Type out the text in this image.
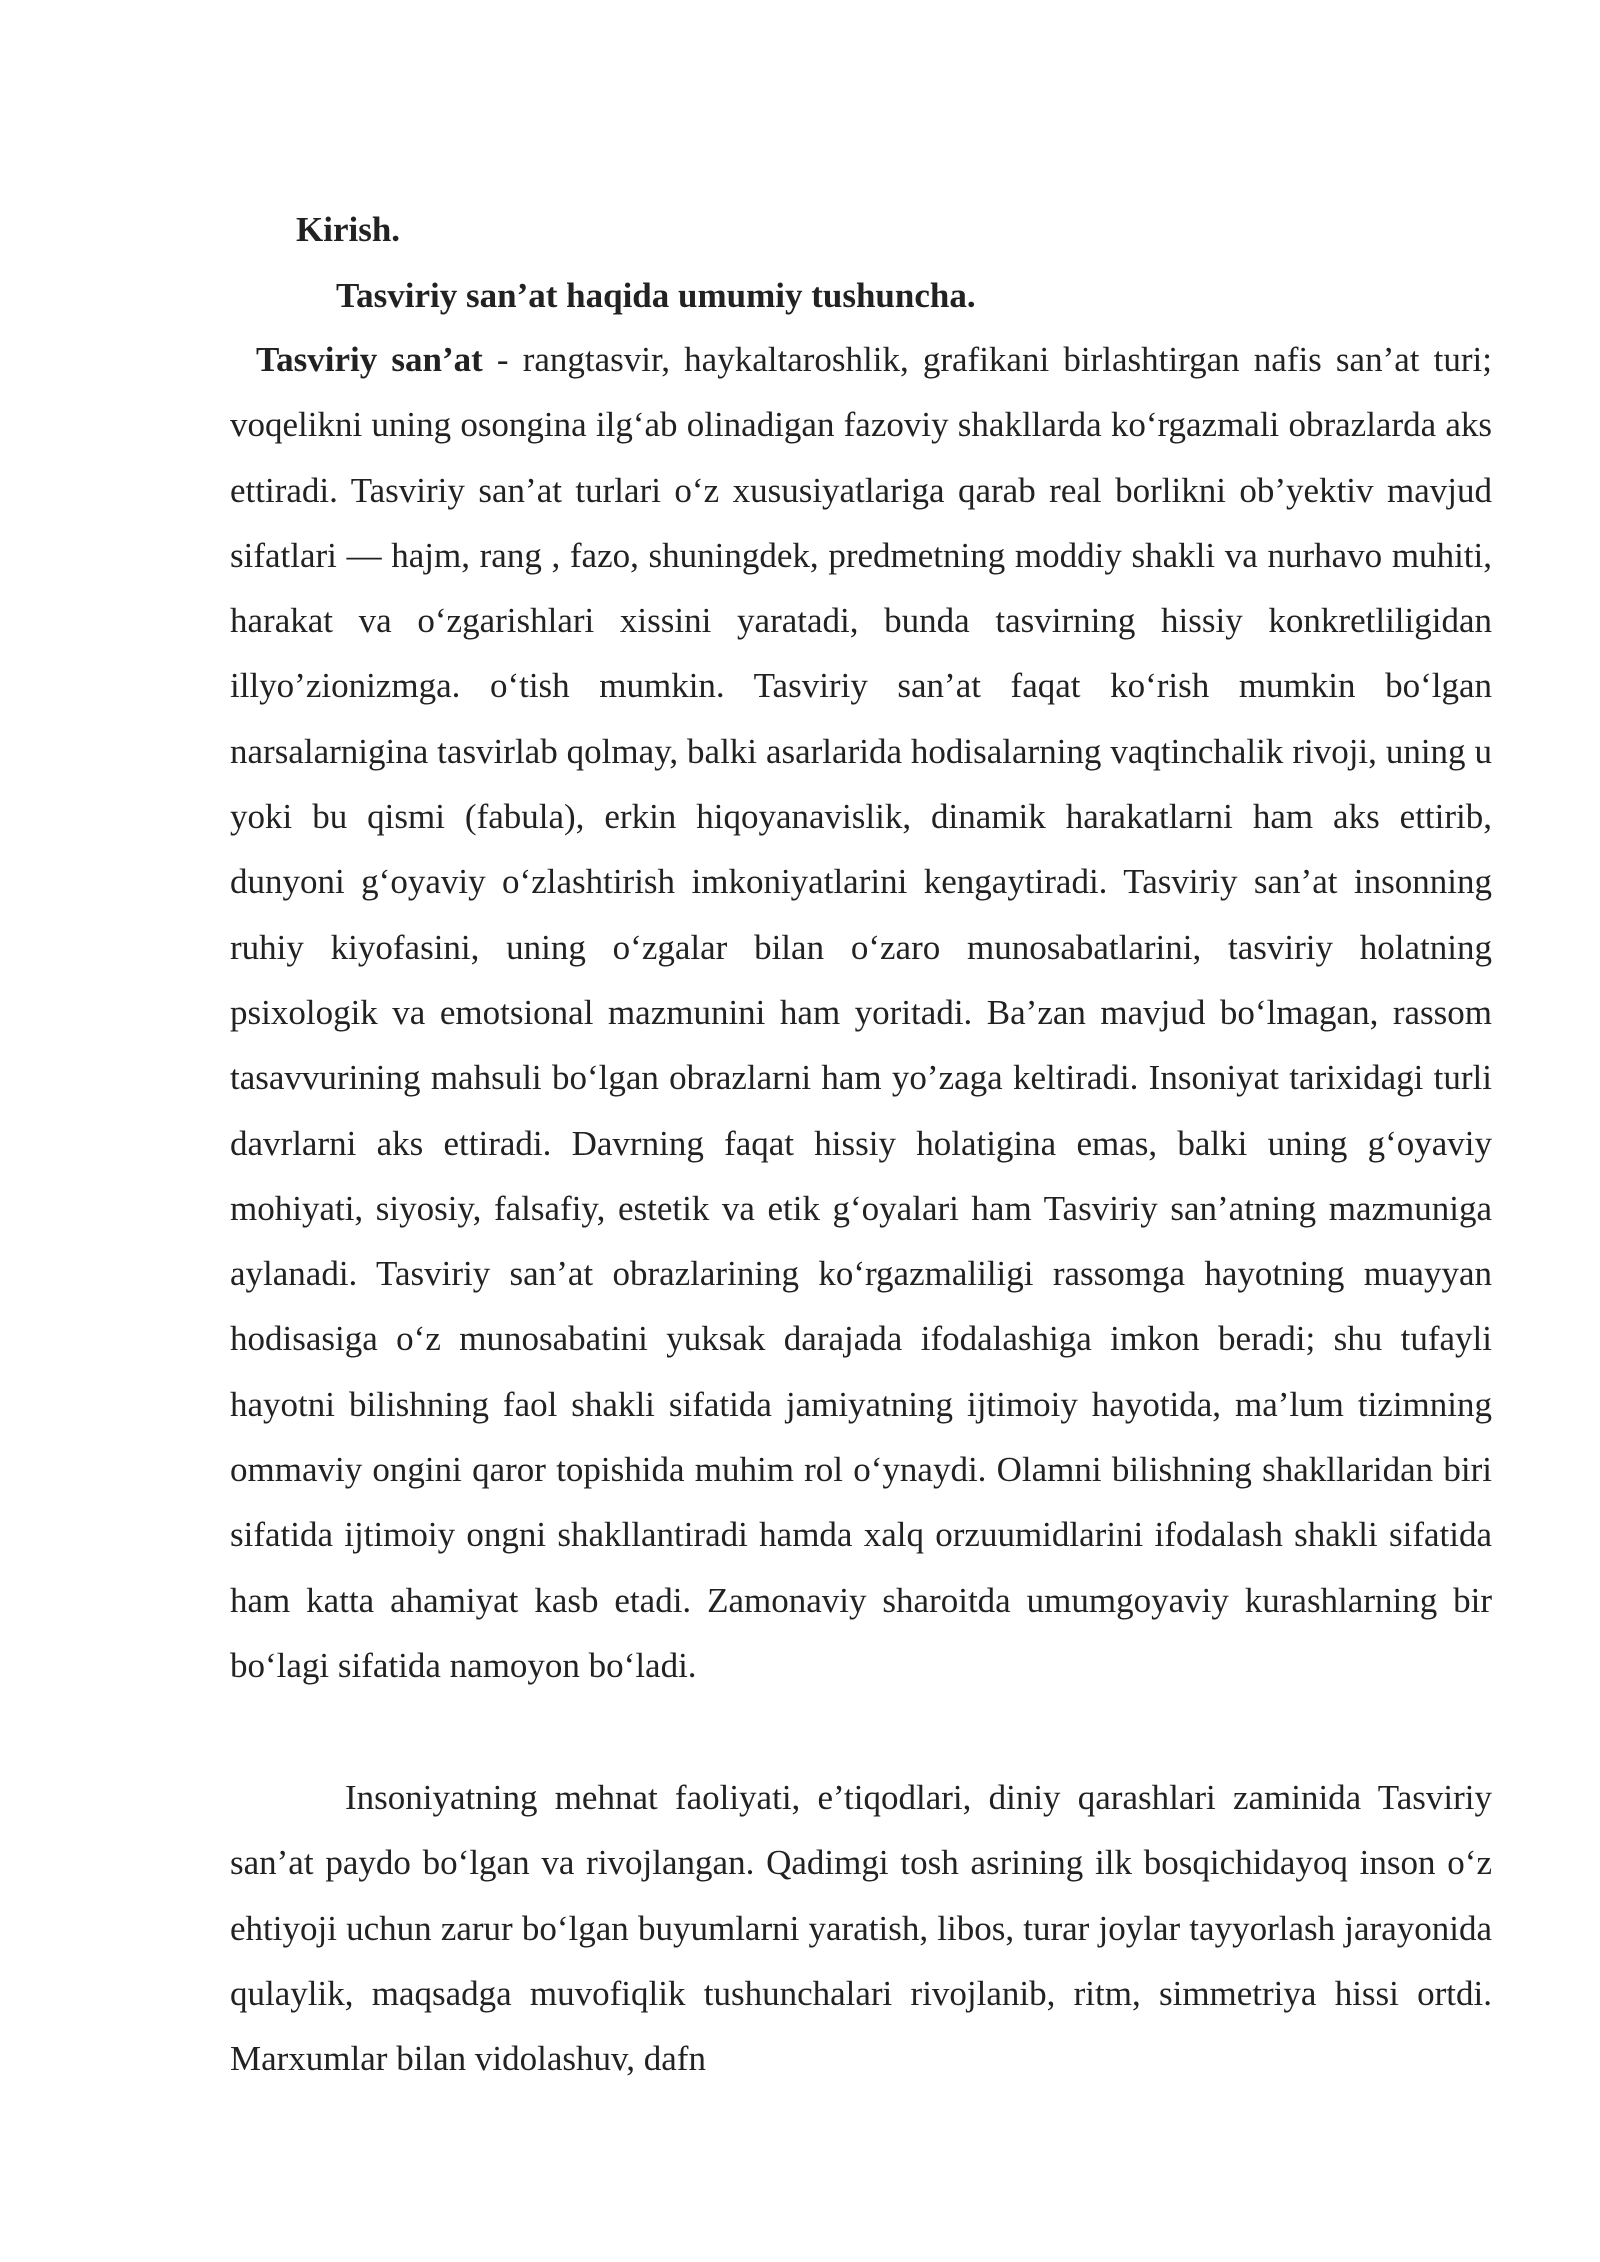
Kirish.
Tasviriy san’at haqida umumiy tushuncha.

Tasviriy san’at - rangtasvir, haykaltaroshlik, grafikani birlashtirgan nafis san’at turi; voqelikni uning osongina ilg‘ab olinadigan fazoviy shakllarda ko‘rgazmali obrazlarda aks ettiradi. Tasviriy san’at turlari o‘z xususiyatlariga qarab real borlikni ob’yektiv mavjud sifatlari — hajm, rang , fazo, shuningdek, predmetning moddiy shakli va nurhavo muhiti, harakat va o‘zgarishlari xissini yaratadi, bunda tasvirning hissiy konkretliligidan illyo’zionizmga. o‘tish mumkin. Tasviriy san’at faqat ko‘rish mumkin bo‘lgan narsalarnigina tasvirlab qolmay, balki asarlarida hodisalarning vaqtinchalik rivoji, uning u yoki bu qismi (fabula), erkin hiqoyanavislik, dinamik harakatlarni ham aks ettirib, dunyoni g‘oyaviy o‘zlashtirish imkoniyatlarini kengaytiradi. Tasviriy san’at insonning ruhiy kiyofasini, uning o‘zgalar bilan o‘zaro munosabatlarini, tasviriy holatning psixologik va emotsional mazmunini ham yoritadi. Ba’zan mavjud bo‘lmagan, rassom tasavvurining mahsuli bo‘lgan obrazlarni ham yo’zaga keltiradi. Insoniyat tarixidagi turli davrlarni aks ettiradi. Davrning faqat hissiy holatigina emas, balki uning g‘oyaviy mohiyati, siyosiy, falsafiy, estetik va etik g‘oyalari ham Tasviriy san’atning mazmuniga aylanadi. Tasviriy san’at obrazlarining ko‘rgazmaliligi rassomga hayotning muayyan hodisasiga o‘z munosabatini yuksak darajada ifodalashiga imkon beradi; shu tufayli hayotni bilishning faol shakli sifatida jamiyatning ijtimoiy hayotida, ma’lum tizimning ommaviy ongini qaror topishida muhim rol o‘ynaydi. Olamni bilishning shakllaridan biri sifatida ijtimoiy ongni shakllantiradi hamda xalq orzuumidlarini ifodalash shakli sifatida ham katta ahamiyat kasb etadi. Zamonaviy sharoitda umumgoyaviy kurashlarning bir bo‘lagi sifatida namoyon bo‘ladi.

Insoniyatning mehnat faoliyati, e’tiqodlari, diniy qarashlari zaminida Tasviriy san’at paydo bo‘lgan va rivojlangan. Qadimgi tosh asrining ilk bosqichidayoq inson o‘z ehtiyoji uchun zarur bo‘lgan buyumlarni yaratish, libos, turar joylar tayyorlash jarayonida qulaylik, maqsadga muvofiqlik tushunchalari rivojlanib, ritm, simmetriya hissi ortdi. Marxumlar bilan vidolashuv, dafn
